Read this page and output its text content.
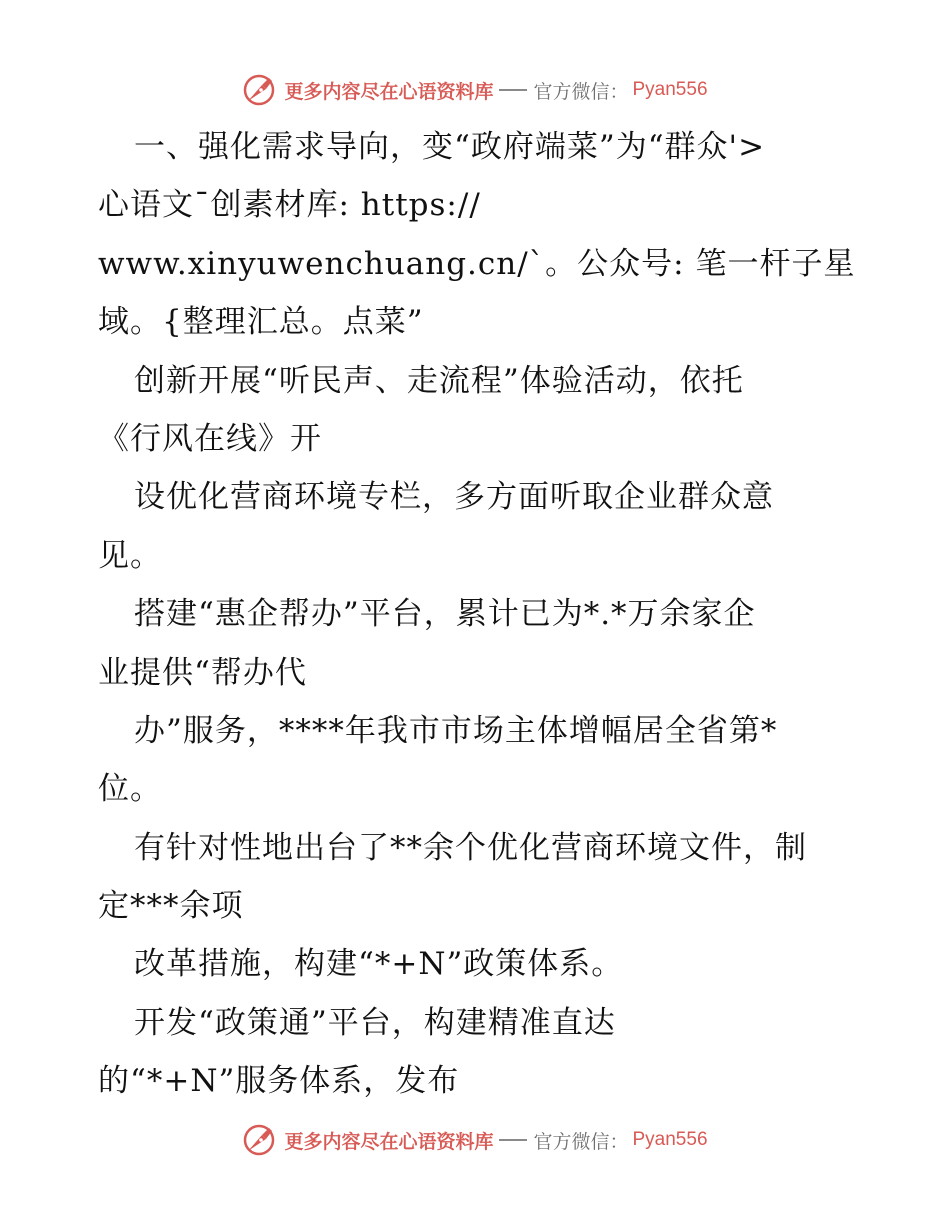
更多内容尽在心语资料库 官方微信： Pyan556
一、强化需求导向，变“政府端菜”为“群众'>
心语文¯创素材库: https://
www.xinyuwenchuang.cn/`。公众号: 笔一杆子星
域。{整理汇总。点菜”
创新开展“听民声、走流程”体验活动，依托
《行风在线》开
设优化营商环境专栏，多方面听取企业群众意
见。
搭建“惠企帮办”平台，累计已为*.*万余家企
业提供“帮办代
办”服务，****年我市市场主体增幅居全省第*
位。
有针对性地出台了**余个优化营商环境文件，制
定***余项
改革措施，构建“*+N”政策体系。
开发“政策通”平台，构建精准直达
的“*+N”服务体系，发布
更多内容尽在心语资料库 官方微信： Pyan556
